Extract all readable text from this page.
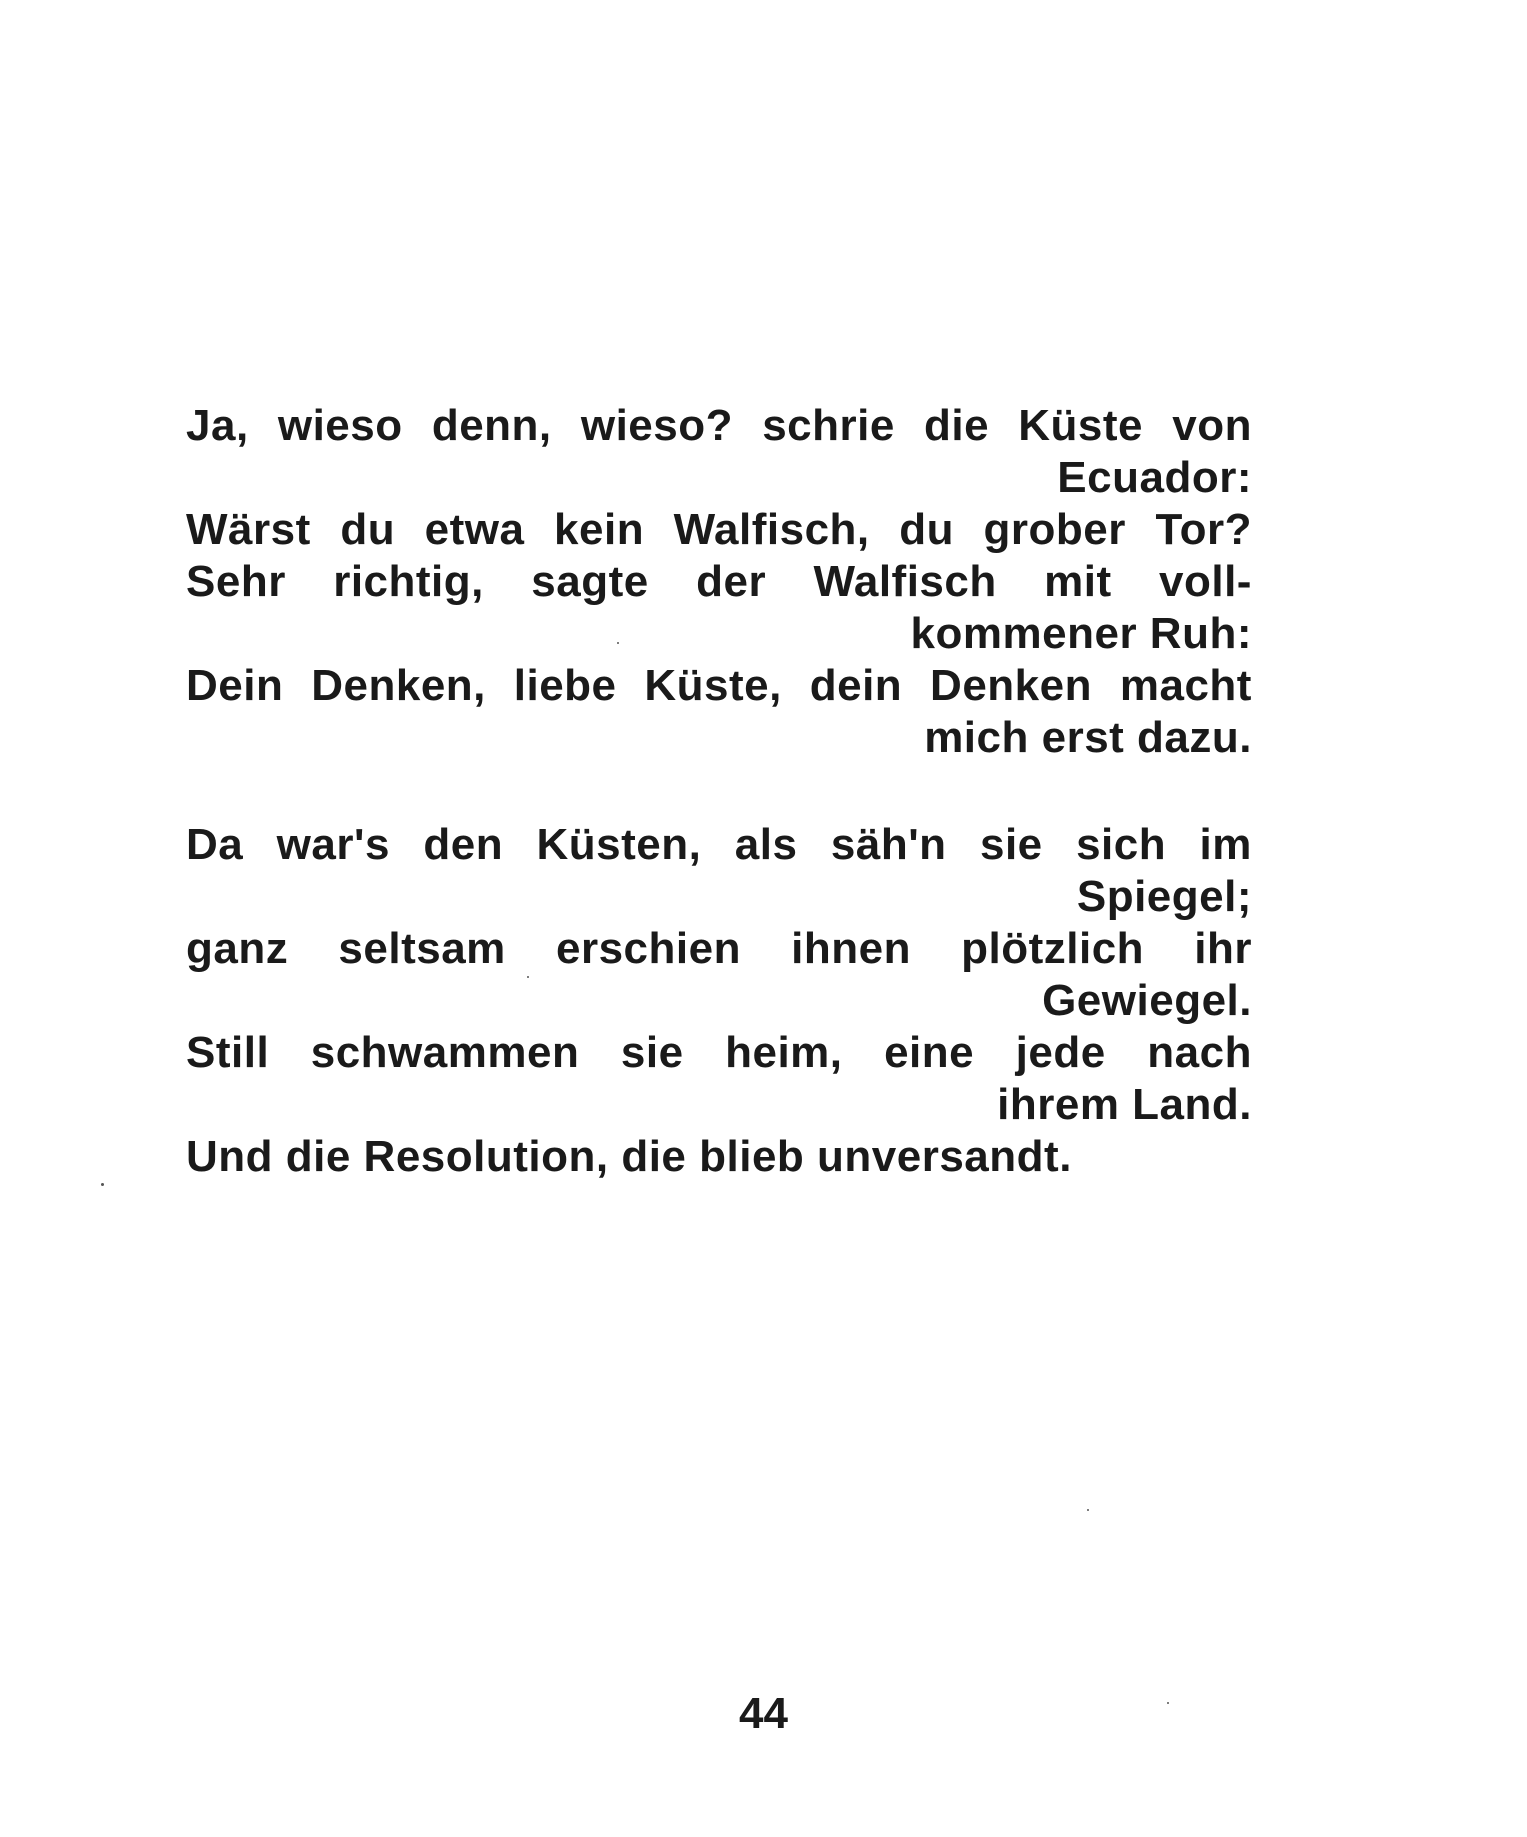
Ja, wieso denn, wieso? schrie die Küste von
Ecuador:
Wärst du etwa kein Walfisch, du grober Tor?
Sehr richtig, sagte der Walfisch mit voll-
kommener Ruh:
Dein Denken, liebe Küste, dein Denken macht
mich erst dazu.
Da war's den Küsten, als säh'n sie sich im
Spiegel;
ganz seltsam erschien ihnen plötzlich ihr
Gewiegel.
Still schwammen sie heim, eine jede nach
ihrem Land.
Und die Resolution, die blieb unversandt.
44
